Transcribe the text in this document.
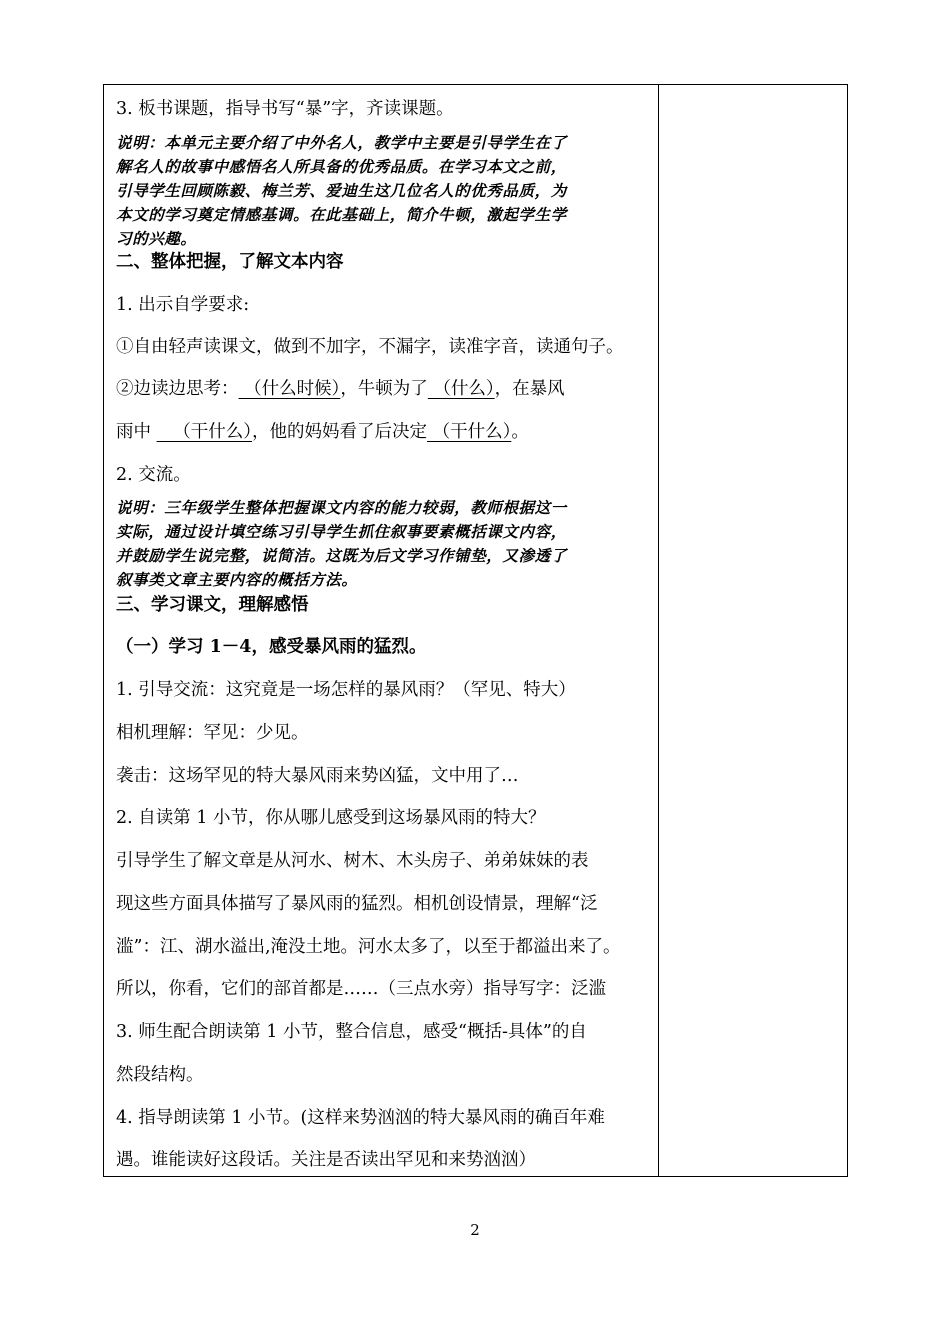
3. 板书课题，指导书写“暴”字，齐读课题。
说明：本单元主要介绍了中外名人，教学中主要是引导学生在了
解名人的故事中感悟名人所具备的优秀品质。在学习本文之前，
引导学生回顾陈毅、梅兰芳、爱迪生这几位名人的优秀品质，为
本文的学习奠定情感基调。在此基础上，简介牛顿，激起学生学
习的兴趣。
二、整体把握，了解文本内容
1. 出示自学要求:
①自由轻声读课文，做到不加字，不漏字，读准字音，读通句子。
②边读边思考： （什么时候），牛顿为了 （什么），在暴风
雨中    （干什么），他的妈妈看了后决定 （干什么）。
2. 交流。
说明：三年级学生整体把握课文内容的能力较弱，教师根据这一
实际，通过设计填空练习引导学生抓住叙事要素概括课文内容，
并鼓励学生说完整，说简洁。这既为后文学习作铺垫，又渗透了
叙事类文章主要内容的概括方法。
三、学习课文，理解感悟
（一）学习 1－4，感受暴风雨的猛烈。
1. 引导交流：这究竟是一场怎样的暴风雨？（罕见、特大）
相机理解：罕见：少见。
袭击：这场罕见的特大暴风雨来势凶猛，文中用了…
2. 自读第 1 小节，你从哪儿感受到这场暴风雨的特大？
引导学生了解文章是从河水、树木、木头房子、弟弟妹妹的表
现这些方面具体描写了暴风雨的猛烈。相机创设情景，理解“泛
滥”：江、湖水溢出,淹没土地。河水太多了，以至于都溢出来了。
所以，你看，它们的部首都是……（三点水旁）指导写字：泛滥
3. 师生配合朗读第 1 小节，整合信息，感受“概括-具体”的自
然段结构。
4. 指导朗读第 1 小节。(这样来势汹汹的特大暴风雨的确百年难
遇。谁能读好这段话。关注是否读出罕见和来势汹汹）
2
